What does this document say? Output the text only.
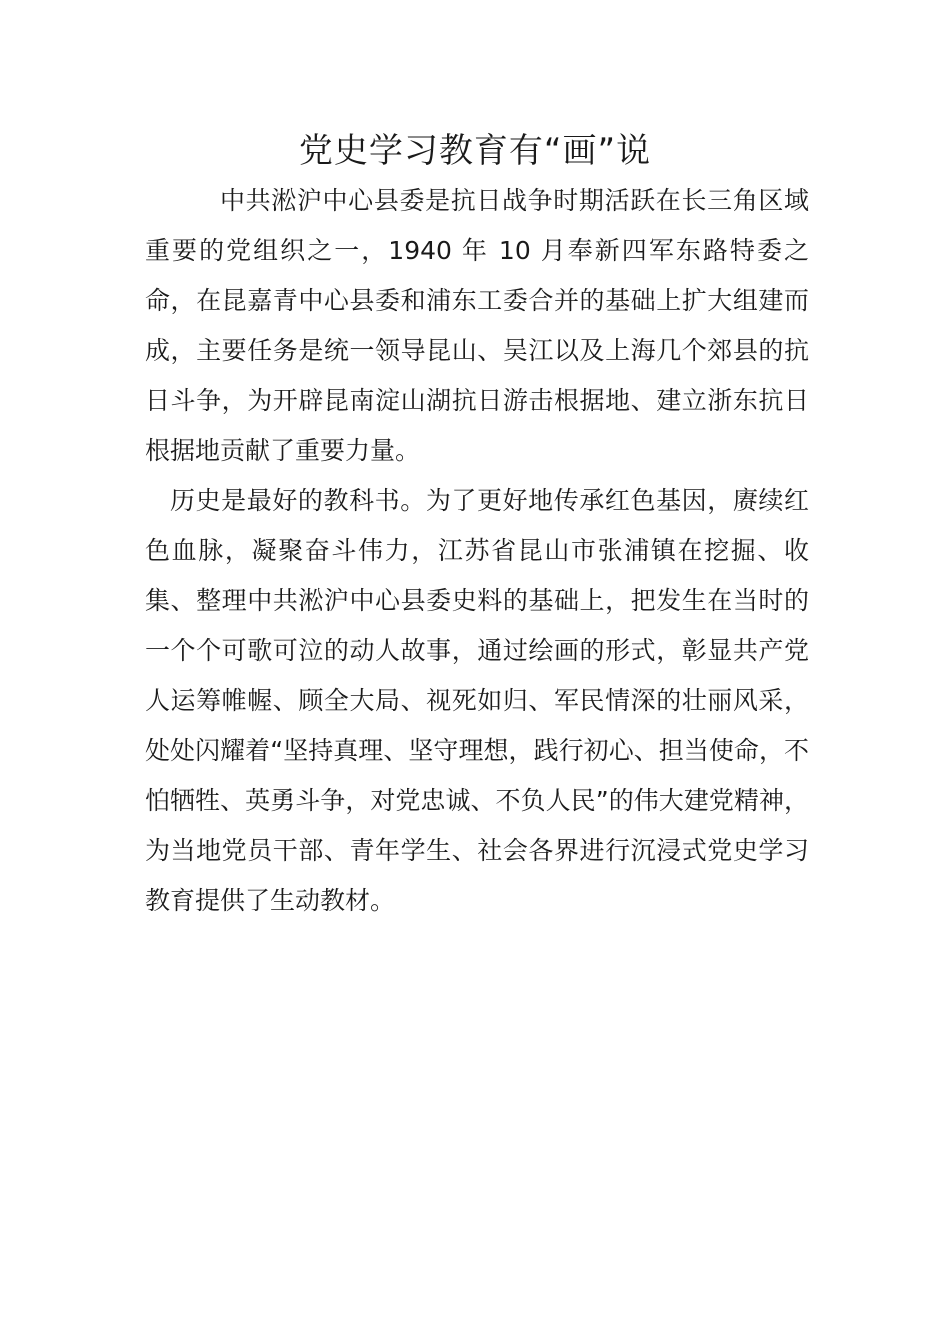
党史学习教育有“画”说

中共淞沪中心县委是抗日战争时期活跃在长三角区域重要的党组织之一，1940 年 10 月奉新四军东路特委之命，在昆嘉青中心县委和浦东工委合并的基础上扩大组建而成，主要任务是统一领导昆山、吴江以及上海几个郊县的抗日斗争，为开辟昆南淀山湖抗日游击根据地、建立浙东抗日根据地贡献了重要力量。

历史是最好的教科书。为了更好地传承红色基因，赓续红色血脉，凝聚奋斗伟力，江苏省昆山市张浦镇在挖掘、收集、整理中共淞沪中心县委史料的基础上，把发生在当时的一个个可歌可泣的动人故事，通过绘画的形式，彰显共产党人运筹帷幄、顾全大局、视死如归、军民情深的壮丽风采，处处闪耀着“坚持真理、坚守理想，践行初心、担当使命，不怕牺牲、英勇斗争，对党忠诚、不负人民”的伟大建党精神，为当地党员干部、青年学生、社会各界进行沉浸式党史学习教育提供了生动教材。
